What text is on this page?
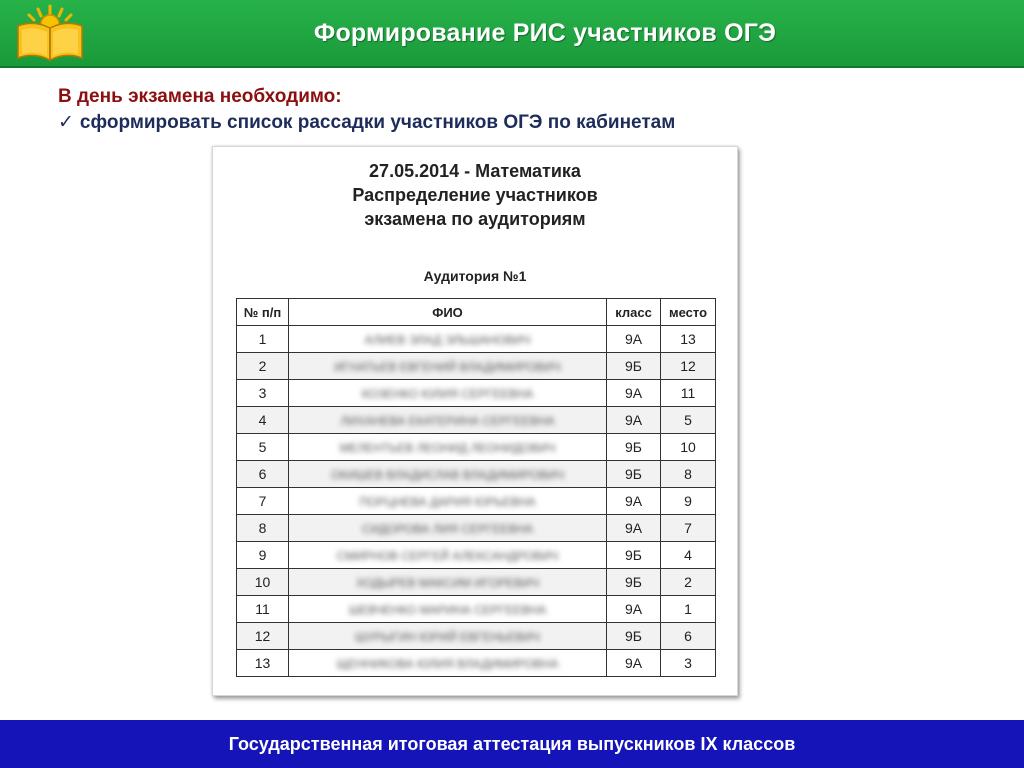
Формирование РИС участников ОГЭ
В день экзамена необходимо:
✓ сформировать список рассадки участников ОГЭ по кабинетам
27.05.2014 - Математика
Распределение участников
экзамена по аудиториям
Аудитория №1
№ п/п	ФИО	класс	место
1	АЛИЕВ ЭЛАД ЭЛЬШАНОВИЧ	9А	13
2	ИГНАТЬЕВ ЕВГЕНИЙ ВЛАДИМИРОВИЧ	9Б	12
3	КОЗЕНКО ЮЛИЯ СЕРГЕЕВНА	9А	11
4	ЛИХАНЕВА ЕКАТЕРИНА СЕРГЕЕВНА	9А	5
5	МЕЛЕНТЬЕВ ЛЕОНИД ЛЕОНИДОВИЧ	9Б	10
6	ОКИШЕВ ВЛАДИСЛАВ ВЛАДИМИРОВИЧ	9Б	8
7	ПОРЦНЕВА ДАРИЯ ЮРЬЕВНА	9А	9
8	СИДОРОВА ЛИЯ СЕРГЕЕВНА	9А	7
9	СМИРНОВ СЕРГЕЙ АЛЕКСАНДРОВИЧ	9Б	4
10	ХОДЫРЕВ МАКСИМ ИГОРЕВИЧ	9Б	2
11	ШЕВЧЕНКО МАРИНА СЕРГЕЕВНА	9А	1
12	ШУРЫГИН ЮРИЙ ЕВГЕНЬЕВИЧ	9Б	6
13	ЩЕННИКОВА ЮЛИЯ ВЛАДИМИРОВНА	9А	3
Государственная итоговая аттестация выпускников IX классов
